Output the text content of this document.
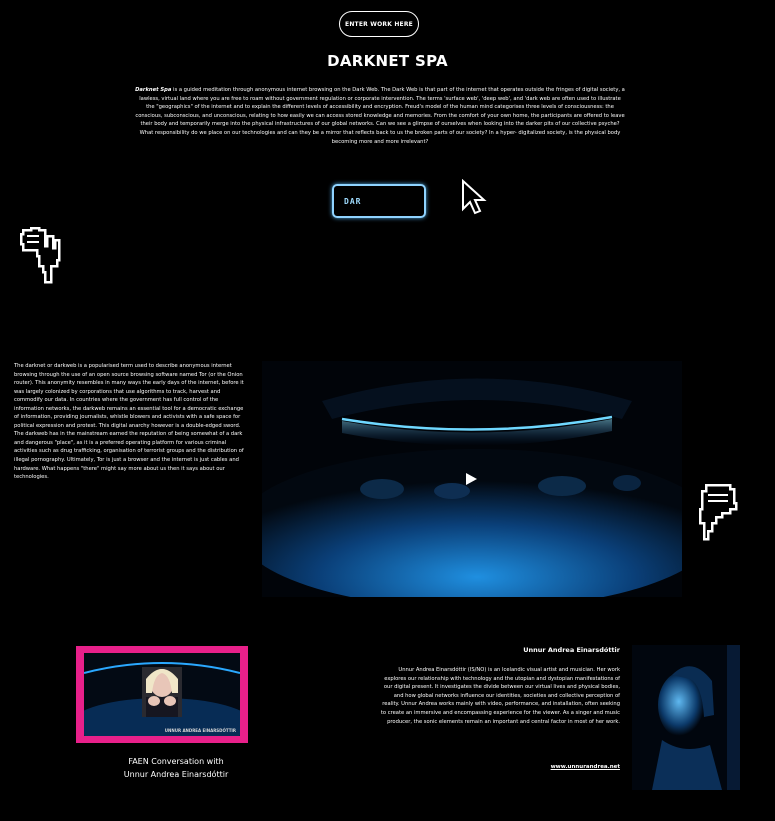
ENTER WORK HERE
DARKNET SPA
Darknet Spa is a guided meditation through anonymous internet browsing on the Dark Web. The Dark Web is that part of the internet that operates outside the fringes of digital society, a lawless, virtual land where you are free to roam without government regulation or corporate intervention. The terms 'surface web', 'deep web', and 'dark web are often used to illustrate the "geographics" of the internet and to explain the different levels of accessibility and encryption. Freud's model of the human mind categorises three levels of consciousness: the conscious, subconscious, and unconscious, relating to how easily we can access stored knowledge and memories. From the comfort of your own home, the participants are offered to leave their body and temporarily merge into the physical infrastructures of our global networks. Can we see a glimpse of ourselves when looking into the darker pits of our collective psyche? What responsibility do we place on our technologies and can they be a mirror that reflects back to us the broken parts of our society? In a hyper- digitalized society, is the physical body becoming more and more irrelevant?
DAR
The darknet or darkweb is a popularised term used to describe anonymous internet browsing through the use of an open source browsing software named Tor (or the Onion router). This anonymity resembles in many ways the early days of the internet, before it was largely colonized by corporations that use algorithms to track, harvest and commodify our data. In countries where the government has full control of the information networks, the darkweb remains an essential tool for a democratic exchange of information, providing journalists, whistle blowers and activists with a safe space for political expression and protest. This digital anarchy however is a double-edged sword. The darkweb has in the mainstream earned the reputation of being somewhat of a dark and dangerous "place", as it is a preferred operating platform for various criminal activities such as drug trafficking, organisation of terrorist groups and the distribution of illegal pornography. Ultimately, Tor is just a browser and the internet is just cables and hardware. What happens "there" might say more about us then it says about our technologies.
UNNUR ANDREA EINARSDÓTTIR
FAEN Conversation with
Unnur Andrea Einarsdóttir
Unnur Andrea Einarsdóttir
Unnur Andrea Einarsdóttir (IS/NO) is an Icelandic visual artist and musician. Her work explores our relationship with technology and the utopian and dystopian manifestations of our digital present. It investigates the divide between our virtual lives and physical bodies, and how global networks influence our identities, societies and collective perception of reality. Unnur Andrea works mainly with video, performance, and installation, often seeking to create an immersive and encompassing experience for the viewer. As a singer and music producer, the sonic elements remain an important and central factor in most of her work.
www.unnurandrea.net
